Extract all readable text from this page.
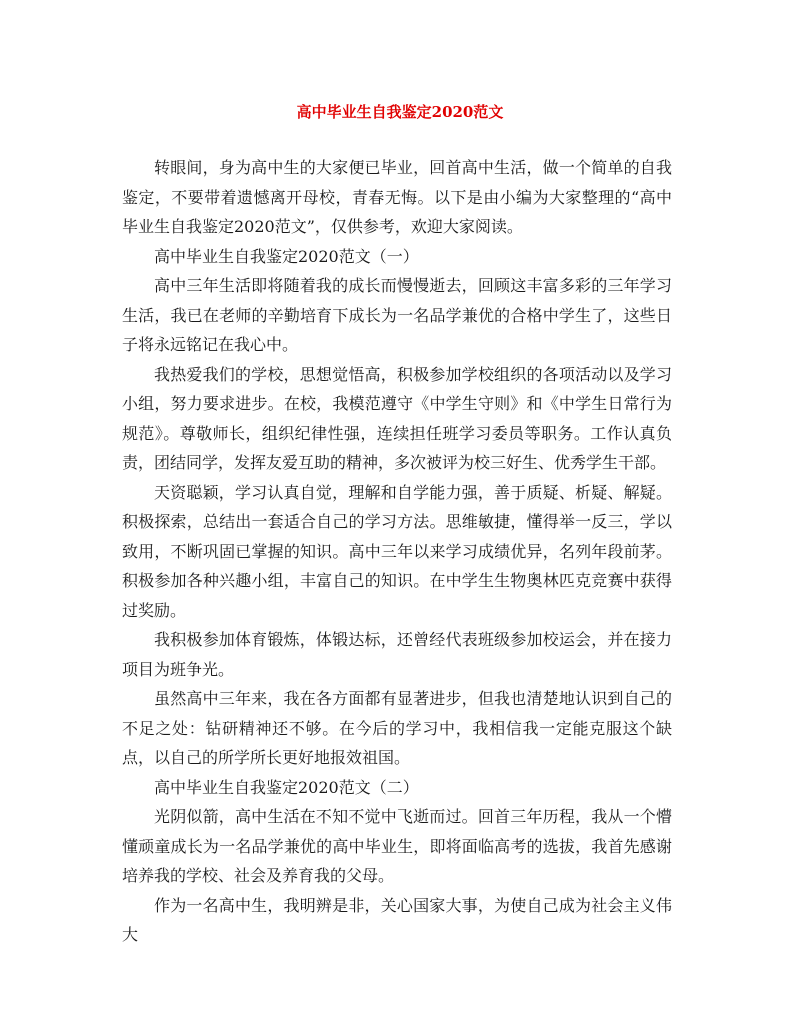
高中毕业生自我鉴定2020范文

转眼间，身为高中生的大家便已毕业，回首高中生活，做一个简单的自我鉴定，不要带着遗憾离开母校，青春无悔。以下是由小编为大家整理的“高中毕业生自我鉴定2020范文”，仅供参考，欢迎大家阅读。

高中毕业生自我鉴定2020范文（一）

高中三年生活即将随着我的成长而慢慢逝去，回顾这丰富多彩的三年学习生活，我已在老师的辛勤培育下成长为一名品学兼优的合格中学生了，这些日子将永远铭记在我心中。

我热爱我们的学校，思想觉悟高，积极参加学校组织的各项活动以及学习小组，努力要求进步。在校，我模范遵守《中学生守则》和《中学生日常行为规范》。尊敬师长，组织纪律性强，连续担任班学习委员等职务。工作认真负责，团结同学，发挥友爱互助的精神，多次被评为校三好生、优秀学生干部。

天资聪颖，学习认真自觉，理解和自学能力强，善于质疑、析疑、解疑。积极探索，总结出一套适合自己的学习方法。思维敏捷，懂得举一反三，学以致用，不断巩固已掌握的知识。高中三年以来学习成绩优异，名列年段前茅。积极参加各种兴趣小组，丰富自己的知识。在中学生生物奥林匹克竞赛中获得过奖励。

我积极参加体育锻炼，体锻达标，还曾经代表班级参加校运会，并在接力项目为班争光。

虽然高中三年来，我在各方面都有显著进步，但我也清楚地认识到自己的不足之处：钻研精神还不够。在今后的学习中，我相信我一定能克服这个缺点，以自己的所学所长更好地报效祖国。

高中毕业生自我鉴定2020范文（二）

光阴似箭，高中生活在不知不觉中飞逝而过。回首三年历程，我从一个懵懂顽童成长为一名品学兼优的高中毕业生，即将面临高考的选拔，我首先感谢培养我的学校、社会及养育我的父母。

作为一名高中生，我明辨是非，关心国家大事，为使自己成为社会主义伟大
